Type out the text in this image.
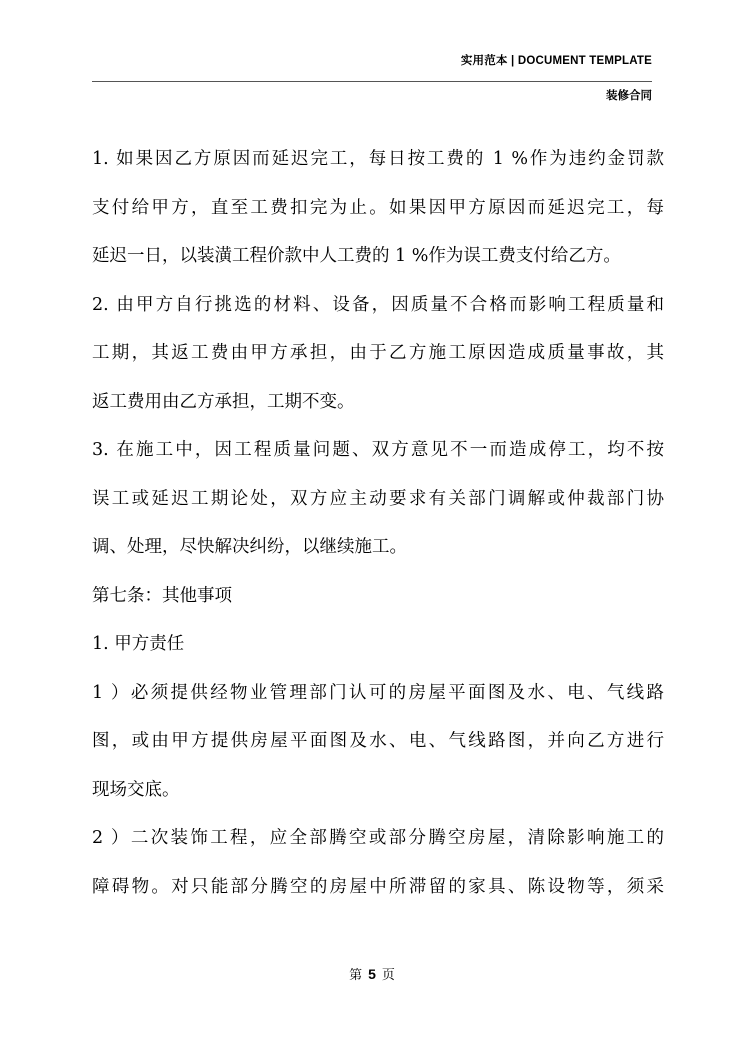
实用范本 | DOCUMENT TEMPLATE
装修合同
1. 如果因乙方原因而延迟完工，每日按工费的 1 %作为违约金罚款
支付给甲方，直至工费扣完为止。如果因甲方原因而延迟完工，每
延迟一日，以装潢工程价款中人工费的 1 %作为误工费支付给乙方。
2. 由甲方自行挑选的材料、设备，因质量不合格而影响工程质量和
工期，其返工费由甲方承担，由于乙方施工原因造成质量事故，其
返工费用由乙方承担，工期不变。
3. 在施工中，因工程质量问题、双方意见不一而造成停工，均不按
误工或延迟工期论处，双方应主动要求有关部门调解或仲裁部门协
调、处理，尽快解决纠纷，以继续施工。
第七条：其他事项
1. 甲方责任
1 ）必须提供经物业管理部门认可的房屋平面图及水、电、气线路
图，或由甲方提供房屋平面图及水、电、气线路图，并向乙方进行
现场交底。
2 ）二次装饰工程，应全部腾空或部分腾空房屋，清除影响施工的
障碍物。对只能部分腾空的房屋中所滞留的家具、陈设物等，须采
第 5 页
